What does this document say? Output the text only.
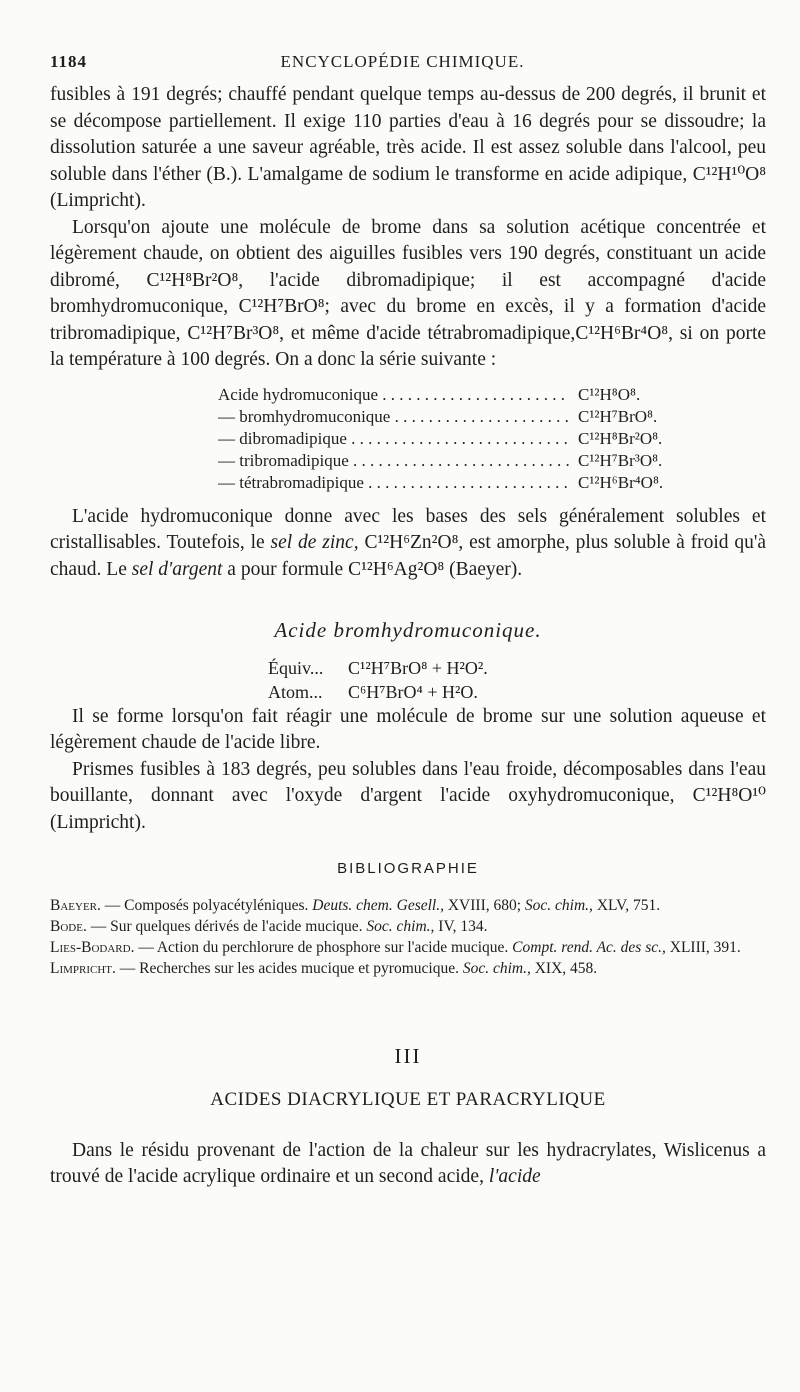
1184	ENCYCLOPÉDIE CHIMIQUE.

fusibles à 191 degrés; chauffé pendant quelque temps au-dessus de 200 degrés, il brunit et se décompose partiellement. Il exige 110 parties d'eau à 16 degrés pour se dissoudre; la dissolution saturée a une saveur agréable, très acide. Il est assez soluble dans l'alcool, peu soluble dans l'éther (B.). L'amalgame de sodium le transforme en acide adipique, C¹²H¹⁰O⁸ (Limpricht).

Lorsqu'on ajoute une molécule de brome dans sa solution acétique concentrée et légèrement chaude, on obtient des aiguilles fusibles vers 190 degrés, constituant un acide dibromé, C¹²H⁸Br²O⁸, l'acide dibromadipique; il est accompagné d'acide bromhydromuconique, C¹²H⁷BrO⁸; avec du brome en excès, il y a formation d'acide tribromadipique, C¹²H⁷Br³O⁸, et même d'acide tétrabromadipique,C¹²H⁶Br⁴O⁸, si on porte la température à 100 degrés. On a donc la série suivante :

Acide hydromuconique . . .	C¹²H⁸O⁸.
— bromhydromuconique . . .	C¹²H⁷BrO⁸.
— dibromadipique . . .	C¹²H⁸Br²O⁸.
— tribromadipique . . .	C¹²H⁷Br³O⁸.
— tétrabromadipique . . .	C¹²H⁶Br⁴O⁸.

L'acide hydromuconique donne avec les bases des sels généralement solubles et cristallisables. Toutefois, le sel de zinc, C¹²H⁶Zn²O⁸, est amorphe, plus soluble à froid qu'à chaud. Le sel d'argent a pour formule C¹²H⁶Ag²O⁸ (Baeyer).

Acide bromhydromuconique.
Équiv...	C¹²H⁷BrO⁸ + H²O².
Atom...	C⁶H⁷BrO⁴ + H²O.

Il se forme lorsqu'on fait réagir une molécule de brome sur une solution aqueuse et légèrement chaude de l'acide libre.

Prismes fusibles à 183 degrés, peu solubles dans l'eau froide, décomposables dans l'eau bouillante, donnant avec l'oxyde d'argent l'acide oxyhydromuconique, C¹²H⁸O¹⁰ (Limpricht).

BIBLIOGRAPHIE

Baeyer. — Composés polyacétyléniques. Deuts. chem. Gesell., XVIII, 680; Soc. chim., XLV, 751.

Bode. — Sur quelques dérivés de l'acide mucique. Soc. chim., IV, 134.

Lies-Bodard. — Action du perchlorure de phosphore sur l'acide mucique. Compt. rend. Ac. des sc., XLIII, 391.

Limpricht. — Recherches sur les acides mucique et pyromucique. Soc. chim., XIX, 458.

III
ACIDES DIACRYLIQUE ET PARACRYLIQUE

Dans le résidu provenant de l'action de la chaleur sur les hydracrylates, Wislicenus a trouvé de l'acide acrylique ordinaire et un second acide, l'acide
